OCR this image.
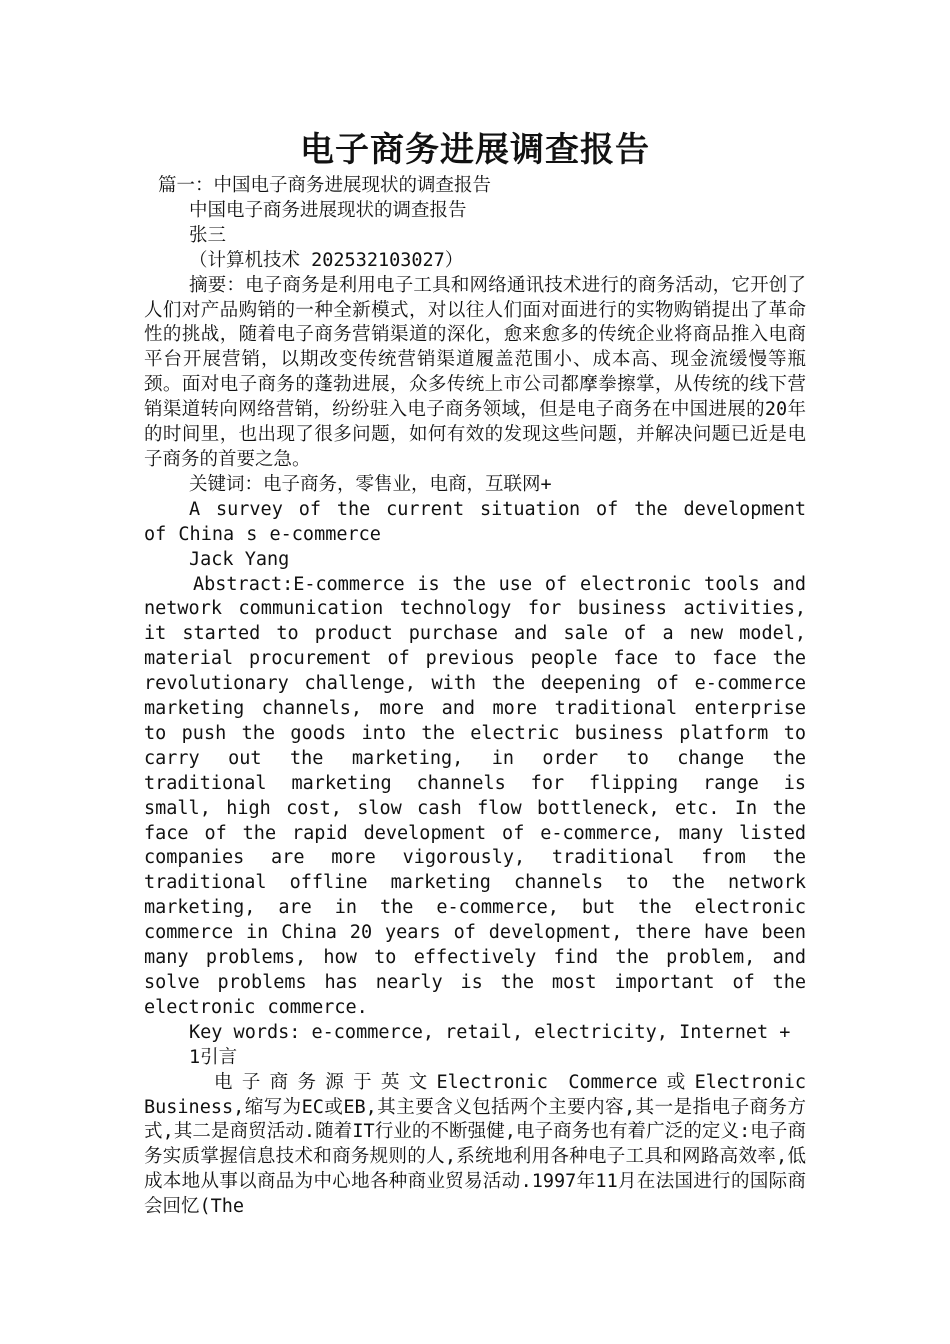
电子商务进展调查报告

篇一：中国电子商务进展现状的调查报告

中国电子商务进展现状的调查报告

张三

（计算机技术 202532103027）

摘要：电子商务是利用电子工具和网络通讯技术进行的商务活动，它开创了人们对产品购销的一种全新模式，对以往人们面对面进行的实物购销提出了革命性的挑战，随着电子商务营销渠道的深化，愈来愈多的传统企业将商品推入电商平台开展营销，以期改变传统营销渠道履盖范围小、成本高、现金流缓慢等瓶颈。面对电子商务的蓬勃进展，众多传统上市公司都摩拳擦掌，从传统的线下营销渠道转向网络营销，纷纷驻入电子商务领域，但是电子商务在中国进展的20年的时间里，也出现了很多问题，如何有效的发现这些问题，并解决问题已近是电子商务的首要之急。

关键词：电子商务，零售业，电商，互联网+

A survey of the current situation of the development of China s e-commerce

Jack Yang

Abstract:E-commerce is the use of electronic tools and network communication technology for business activities, it started to product purchase and sale of a new model, material procurement of previous people face to face the revolutionary challenge, with the deepening of e-commerce marketing channels, more and more traditional enterprise to push the goods into the electric business platform to carry out the marketing, in order to change the traditional marketing channels for flipping range is small, high cost, slow cash flow bottleneck, etc. In the face of the rapid development of e-commerce, many listed companies are more vigorously, traditional from the traditional offline marketing channels to the network marketing, are in the e-commerce, but the electronic commerce in China 20 years of development, there have been many problems, how to effectively find the problem, and solve problems has nearly is the most important of the electronic commerce.

Key words: e-commerce, retail, electricity, Internet +

1引言

电子商务源于英文Electronic Commerce或Electronic Business,缩写为EC或EB,其主要含义包括两个主要内容,其一是指电子商务方式,其二是商贸活动.随着IT行业的不断强健,电子商务也有着广泛的定义:电子商务实质掌握信息技术和商务规则的人,系统地利用各种电子工具和网路高效率,低成本地从事以商品为中心地各种商业贸易活动.1997年11月在法国进行的国际商会回忆(The
